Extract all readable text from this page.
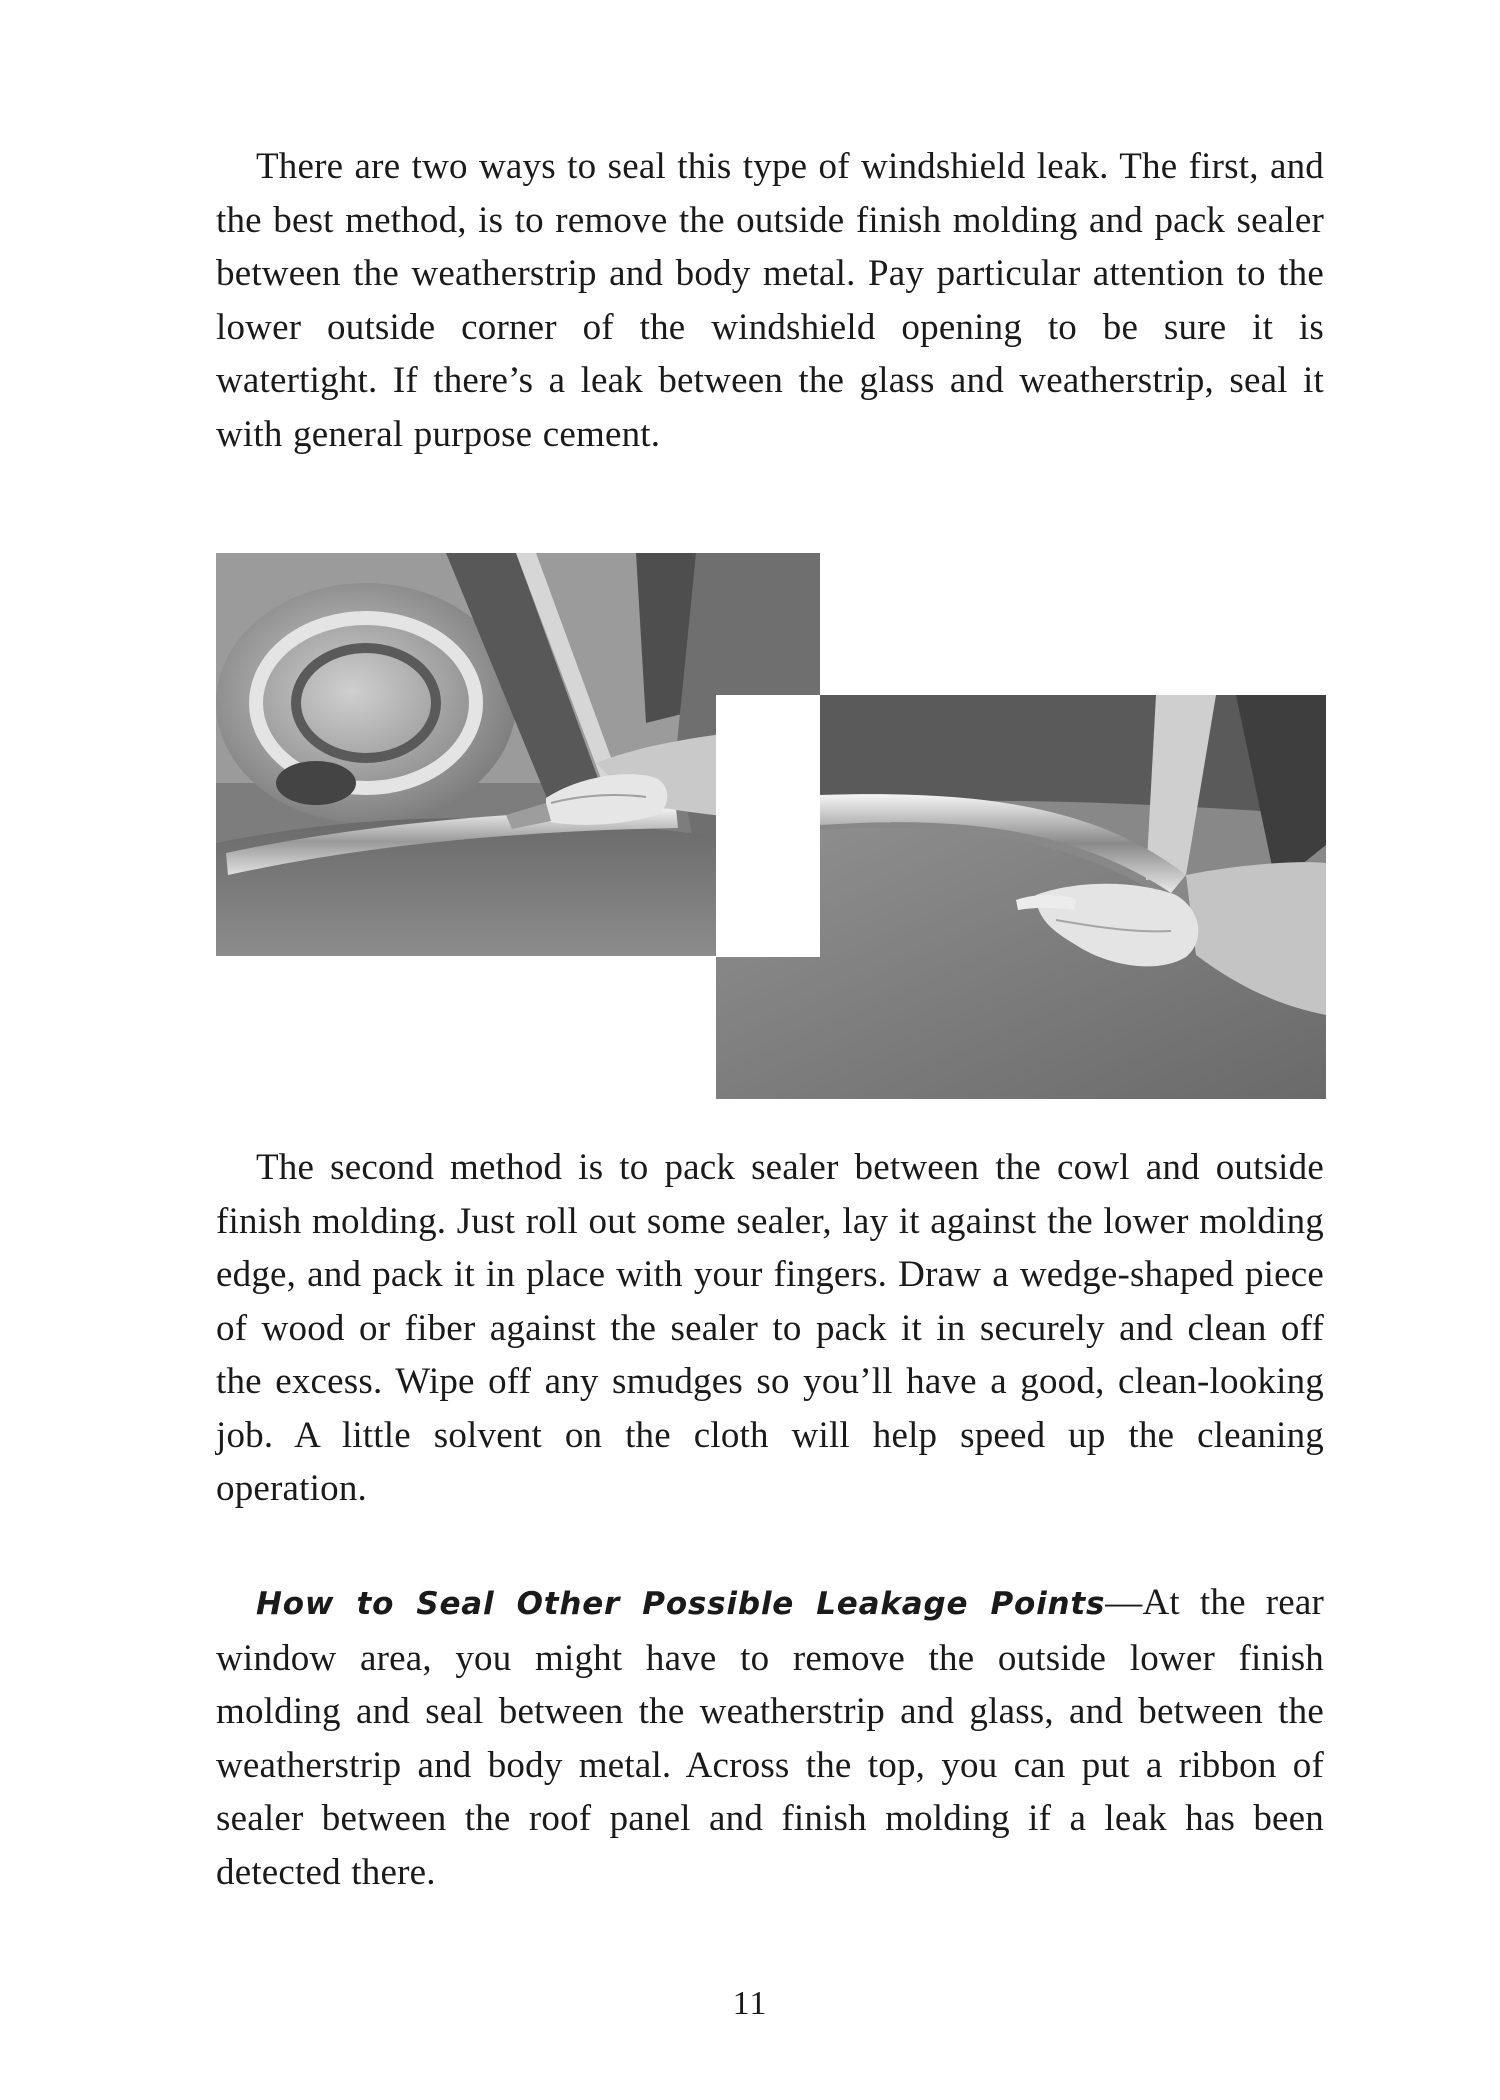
There are two ways to seal this type of windshield leak. The first, and the best method, is to remove the outside finish molding and pack sealer between the weatherstrip and body metal. Pay particular attention to the lower outside corner of the windshield opening to be sure it is watertight. If there’s a leak between the glass and weatherstrip, seal it with general purpose cement.

The second method is to pack sealer between the cowl and outside finish molding. Just roll out some sealer, lay it against the lower molding edge, and pack it in place with your fingers. Draw a wedge-shaped piece of wood or fiber against the sealer to pack it in securely and clean off the excess. Wipe off any smudges so you’ll have a good, clean-looking job. A little solvent on the cloth will help speed up the cleaning operation.

How to Seal Other Possible Leakage Points—At the rear window area, you might have to remove the outside lower finish molding and seal between the weatherstrip and glass, and between the weatherstrip and body metal. Across the top, you can put a ribbon of sealer between the roof panel and finish molding if a leak has been detected there.

11
